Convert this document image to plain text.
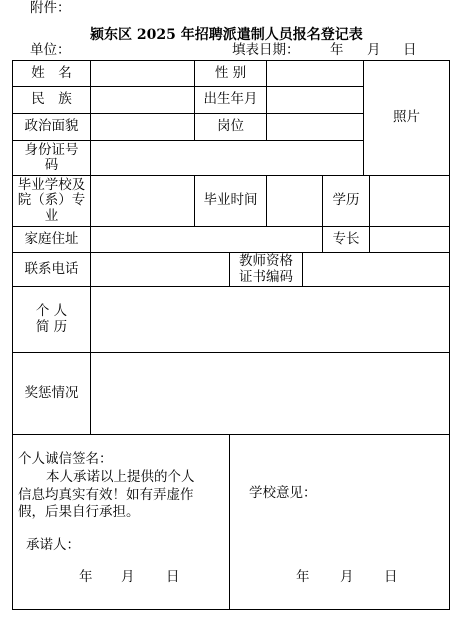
附件：
颍东区 2025 年招聘派遣制人员报名登记表
单位：	填表日期： 年 月 日
姓　名	性 别
照片
民　族	出生年月
政治面貌	岗位
身份证号
码
毕业学校及
院（系）专
业
毕业时间	学历
家庭住址	专长
联系电话	教师资格
证书编码
个 人
简 历
奖惩情况
个人诚信签名：
本人承诺以上提供的个人
信息均真实有效！如有弄虚作
假，后果自行承担。
承诺人：
年 月 日
学校意见：
年 月 日
